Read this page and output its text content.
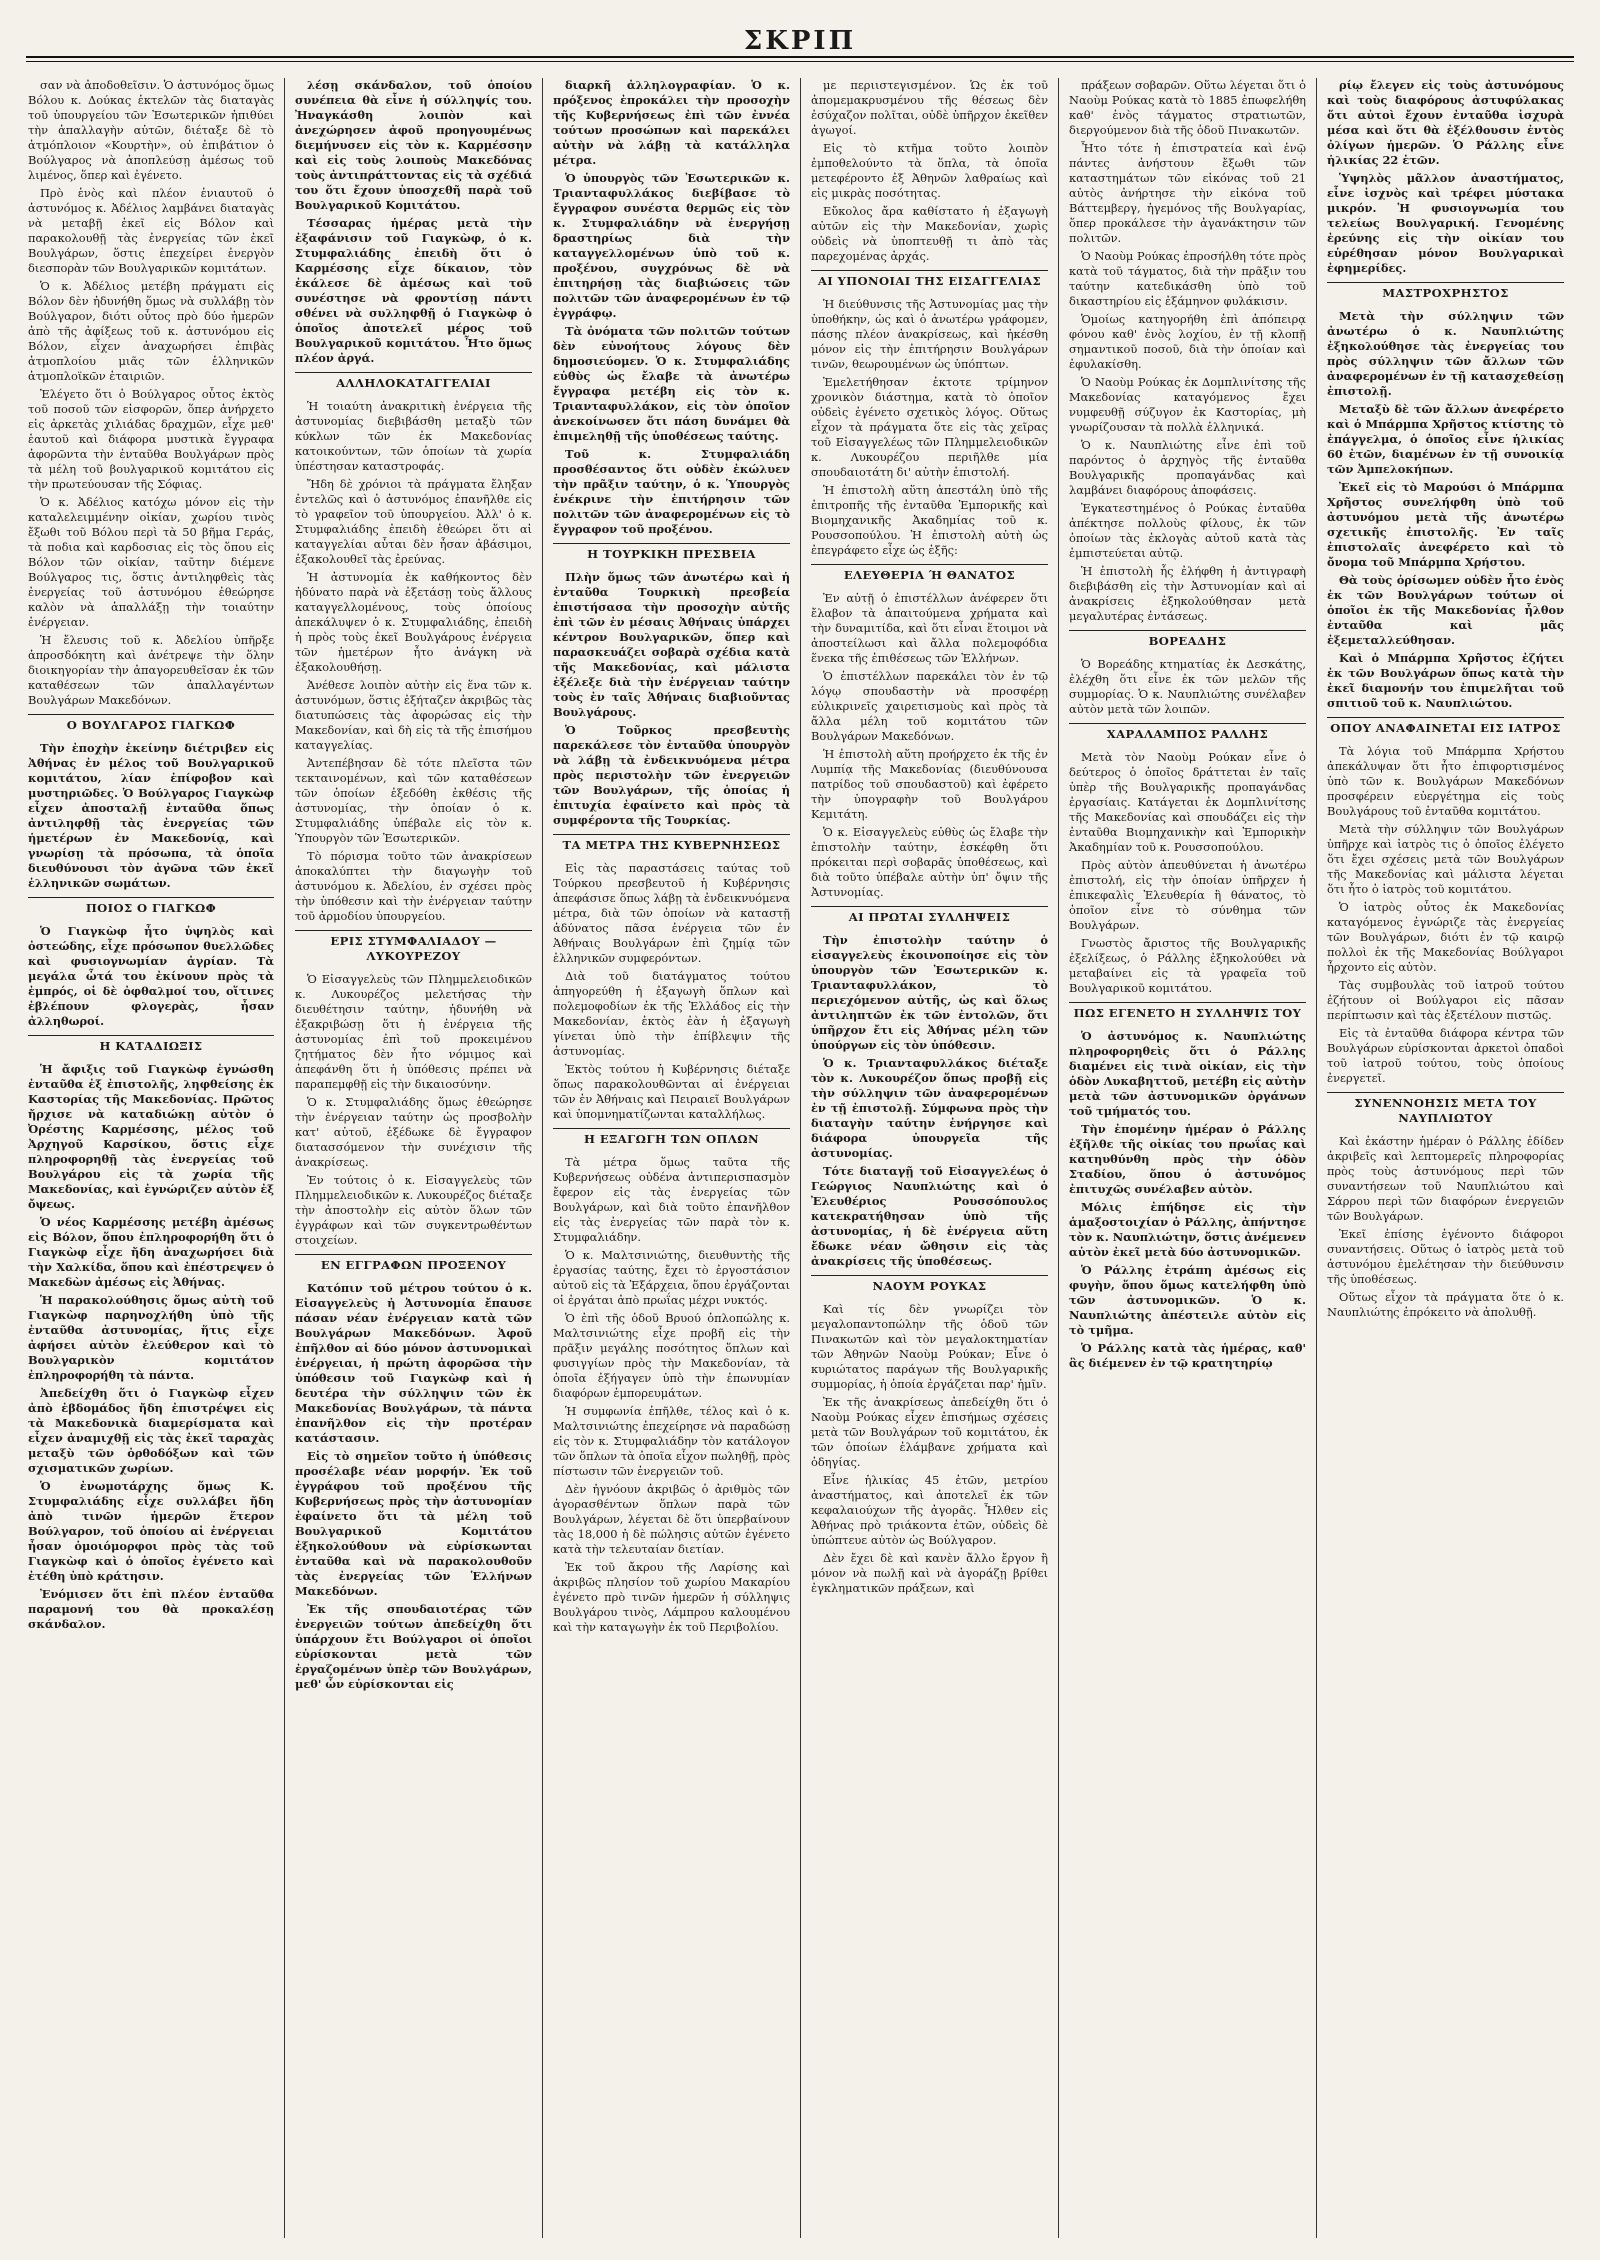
ΣΚΡΙΠ

σαν νὰ ἀποδοθεῖσιν. Ὁ ἀστυνόμος ὅμως Βόλου κ. Δούκας ἐκτελῶν τὰς διαταγὰς τοῦ ὑπουργείου τῶν Ἐσωτερικῶν ἠπιθύει τὴν ἀπαλλαγὴν αὐτῶν, διέταξε δὲ τὸ ἀτμόπλοιον «Κουρτὴν», οὐ ἐπιβάτιον ὁ Βούλγαρος νὰ ἀποπλεύσῃ ἀμέσως τοῦ λιμένος, ὅπερ καὶ ἐγένετο.

Πρὸ ἑνὸς καὶ πλέον ἐνιαυτοῦ ὁ ἀστυνόμος κ. Ἀδέλιος λαμβάνει διαταγὰς νὰ μεταβῇ ἐκεῖ εἰς Βόλον καὶ παρακολουθῇ τὰς ἐνεργείας τῶν ἐκεῖ Βουλγάρων, ὅστις ἐπεχείρει ἐνεργὸν διεσπορὰν τῶν Βουλγαρικῶν κομιτάτων.

Ὁ κ. Ἀδέλιος μετέβη πράγματι εἰς Βόλον δὲν ἠδυνήθη ὅμως νὰ συλλάβῃ τὸν Βούλγαρον, διότι οὗτος πρὸ δύο ἡμερῶν ἀπὸ τῆς ἀφίξεως τοῦ κ. ἀστυνόμου εἰς Βόλον, εἶχεν ἀναχωρήσει ἐπιβὰς ἀτμοπλοίου μιᾶς τῶν ἑλληνικῶν ἀτμοπλοϊκῶν ἑταιριῶν.

Ἐλέγετο ὅτι ὁ Βούλγαρος οὗτος ἐκτὸς τοῦ ποσοῦ τῶν εἰσφορῶν, ὅπερ ἀνήρχετο εἰς ἀρκετὰς χιλιάδας δραχμῶν, εἶχε μεθ' ἑαυτοῦ καὶ διάφορα μυστικὰ ἔγγραφα ἀφορῶντα τὴν ἐνταῦθα Βουλγάρων πρὸς τὰ μέλη τοῦ βουλγαρικοῦ κομιτάτου εἰς τὴν πρωτεύουσαν τῆς Σόφιας.

Ὁ κ. Ἀδέλιος κατόχω μόνον εἰς τὴν καταλελειμμένην οἰκίαν, χωρίου τινὸς ἔξωθι τοῦ Βόλου περὶ τὰ 50 βῆμα Γεράς, τὰ ποδια καὶ καρδοσιας εἰς τὸς ὅπου εἰς Βόλον τῶν οἰκίαν, ταῦτην διέμενε Βούλγαρος τις, ὅστις ἀντιληφθεὶς τὰς ἐνεργείας τοῦ ἀστυνόμου ἐθεώρησε καλὸν νὰ ἀπαλλάξῃ τὴν τοιαύτην ἐνέργειαν.

Ἡ ἔλευσις τοῦ κ. Ἀδελίου ὑπῆρξε ἀπροσδόκητη καὶ ἀνέτρεψε τὴν ὅλην διοικηγορίαν τὴν ἀπαγορευθεῖσαν ἐκ τῶν καταθέσεων τῶν ἀπαλλαγέντων Βουλγάρων Μακεδόνων.

Ο ΒΟΥΛΓΑΡΟΣ ΓΙΑΓΚΩΦ

Τὴν ἐποχὴν ἐκείνην διέτριβεν εἰς Ἀθήνας ἐν μέλος τοῦ Βουλγαρικοῦ κομιτάτου, λίαν ἐπίφοβον καὶ μυστηριῶδες. Ὁ Βούλγαρος Γιαγκὼφ εἶχεν ἀποσταλῇ ἐνταῦθα ὅπως ἀντιληφθῇ τὰς ἐνεργείας τῶν ἡμετέρων ἐν Μακεδονίᾳ, καὶ γνωρίσῃ τὰ πρόσωπα, τὰ ὁποῖα διευθύνουσι τὸν ἀγῶνα τῶν ἐκεῖ ἑλληνικῶν σωμάτων.

ΠΟΙΟΣ Ο ΓΙΑΓΚΩΦ

Ὁ Γιαγκὼφ ἦτο ὑψηλὸς καὶ ὀστεώδης, εἶχε πρόσωπον θυελλῶδες καὶ φυσιογνωμίαν ἀγρίαν. Τὰ μεγάλα ὦτά του ἐκίνουν πρὸς τὰ ἐμπρός, οἱ δὲ ὀφθαλμοί του, οἵτινες ἐβλέπουν φλογερὰς, ἦσαν ἀλληθωροί.

Η ΚΑΤΑΔΙΩΞΙΣ

Ἡ ἄφιξις τοῦ Γιαγκὼφ ἐγνώσθη ἐνταῦθα ἐξ ἐπιστολῆς, ληφθείσης ἐκ Καστορίας τῆς Μακεδονίας. Πρῶτος ἤρχισε νὰ καταδιώκῃ αὐτὸν ὁ Ὀρέστης Καρμέσσης, μέλος τοῦ Ἀρχηγοῦ Καρσίκου, ὅστις εἶχε πληροφορηθῇ τὰς ἐνεργείας τοῦ Βουλγάρου εἰς τὰ χωρία τῆς Μακεδονίας, καὶ ἐγνώριζεν αὐτὸν ἐξ ὄψεως.

Ὁ νέος Καρμέσσης μετέβη ἀμέσως εἰς Βόλον, ὅπου ἐπληροφορήθη ὅτι ὁ Γιαγκὼφ εἶχε ἤδη ἀναχωρήσει διὰ τὴν Χαλκίδα, ὅπου καὶ ἐπέστρεψεν ὁ Μακεδὼν ἀμέσως εἰς Ἀθήνας.

Ἡ παρακολούθησις ὅμως αὐτὴ τοῦ Γιαγκὼφ παρηνοχλήθη ὑπὸ τῆς ἐνταῦθα ἀστυνομίας, ἥτις εἶχε ἀφήσει αὐτὸν ἐλεύθερον καὶ τὸ Βουλγαρικὸν κομιτάτον ἐπληροφορήθη τὰ πάντα.

Ἀπεδείχθη ὅτι ὁ Γιαγκὼφ εἶχεν ἀπὸ ἐβδομάδος ἤδη ἐπιστρέψει εἰς τὰ Μακεδονικὰ διαμερίσματα καὶ εἶχεν ἀναμιχθῇ εἰς τὰς ἐκεῖ ταραχὰς μεταξὺ τῶν ὀρθοδόξων καὶ τῶν σχισματικῶν χωρίων.

Ὁ ἐνωμοτάρχης ὅμως Κ. Στυμφαλιάδης εἶχε συλλάβει ἤδη ἀπὸ τινῶν ἡμερῶν ἕτερον Βούλγαρον, τοῦ ὁποίου αἱ ἐνέργειαι ἦσαν ὁμοιόμορφοι πρὸς τὰς τοῦ Γιαγκὼφ καὶ ὁ ὁποῖος ἐγένετο καὶ ἐτέθη ὑπὸ κράτησιν.

Ἐνόμισεν ὅτι ἐπὶ πλέον ἐνταῦθα παραμονή του θὰ προκαλέσῃ σκάνδαλον.

λέσῃ σκάνδαλον, τοῦ ὁποίου συνέπεια θὰ εἶνε ἡ σύλληψίς του. Ἠναγκάσθη λοιπὸν καὶ ἀνεχώρησεν ἀφοῦ προηγουμένως διεμήνυσεν εἰς τὸν κ. Καρμέσσην καὶ εἰς τοὺς λοιποὺς Μακεδόνας τοὺς ἀντιπράττοντας εἰς τὰ σχέδιά του ὅτι ἔχουν ὑποσχεθῆ παρὰ τοῦ Βουλγαρικοῦ Κομιτάτου.

Τέσσαρας ἡμέρας μετὰ τὴν ἐξαφάνισιν τοῦ Γιαγκὼφ, ὁ κ. Στυμφαλιάδης ἐπειδὴ ὅτι ὁ Καρμέσσης εἶχε δίκαιον, τὸν ἐκάλεσε δὲ ἀμέσως καὶ τοῦ συνέστησε νὰ φροντίσῃ πάντι σθένει νὰ συλληφθῇ ὁ Γιαγκὼφ ὁ ὁποῖος ἀποτελεῖ μέρος τοῦ Βουλγαρικοῦ κομιτάτου. Ἦτο ὅμως πλέον ἀργά.

ΑΛΛΗΛΟΚΑΤΑΓΓΕΛΙΑΙ

Ἡ τοιαύτη ἀνακριτικὴ ἐνέργεια τῆς ἀστυνομίας διεβιβάσθη μεταξὺ τῶν κύκλων τῶν ἐκ Μακεδονίας κατοικούντων, τῶν ὁποίων τὰ χωρία ὑπέστησαν καταστροφάς.

Ἤδη δὲ χρόνιοι τὰ πράγματα ἔληξαν ἐντελῶς καὶ ὁ ἀστυνόμος ἐπανῆλθε εἰς τὸ γραφεῖον τοῦ ὑπουργείου. Ἀλλ' ὁ κ. Στυμφαλιάδης ἐπειδὴ ἐθεώρει ὅτι αἱ καταγγελίαι αὗται δὲν ἦσαν ἀβάσιμοι, ἐξακολουθεῖ τὰς ἐρεύνας.

Ἡ ἀστυνομία ἐκ καθήκοντος δὲν ἠδύνατο παρὰ νὰ ἐξετάσῃ τοὺς ἄλλους καταγγελλομένους, τοὺς ὁποίους ἀπεκάλυψεν ὁ κ. Στυμφαλιάδης, ἐπειδὴ ἡ πρὸς τοὺς ἐκεῖ Βουλγάρους ἐνέργεια τῶν ἡμετέρων ἦτο ἀνάγκη νὰ ἐξακολουθήσῃ.

Ἀνέθεσε λοιπὸν αὐτὴν εἰς ἕνα τῶν κ. ἀστυνόμων, ὅστις ἐξήταζεν ἀκριβῶς τὰς διατυπώσεις τὰς ἀφορώσας εἰς τὴν Μακεδονίαν, καὶ δὴ εἰς τὰ τῆς ἐπισήμου καταγγελίας.

Ἀντεπέβησαν δὲ τότε πλεῖστα τῶν τεκταινομένων, καὶ τῶν καταθέσεων τῶν ὁποίων ἐξεδόθη ἐκθέσις τῆς ἀστυνομίας, τὴν ὁποίαν ὁ κ. Στυμφαλιάδης ὑπέβαλε εἰς τὸν κ. Ὑπουργὸν τῶν Ἐσωτερικῶν.

Τὸ πόρισμα τοῦτο τῶν ἀνακρίσεων ἀποκαλύπτει τὴν διαγωγὴν τοῦ ἀστυνόμου κ. Ἀδελίου, ἐν σχέσει πρὸς τὴν ὑπόθεσιν καὶ τὴν ἐνέργειαν ταύτην τοῦ ἀρμοδίου ὑπουργείου.

ΕΡΙΣ ΣΤΥΜΦΑΛΙΑΔΟΥ — ΛΥΚΟΥΡΕΖΟΥ

Ὁ Εἰσαγγελεὺς τῶν Πλημμελειοδικῶν κ. Λυκουρέζος μελετήσας τὴν διευθέτησιν ταύτην, ἠδυνήθη νὰ ἐξακριβώσῃ ὅτι ἡ ἐνέργεια τῆς ἀστυνομίας ἐπὶ τοῦ προκειμένου ζητήματος δὲν ἦτο νόμιμος καὶ ἀπεφάνθη ὅτι ἡ ὑπόθεσις πρέπει νὰ παραπεμφθῇ εἰς τὴν δικαιοσύνην.

Ὁ κ. Στυμφαλιάδης ὅμως ἐθεώρησε τὴν ἐνέργειαν ταύτην ὡς προσβολὴν κατ' αὐτοῦ, ἐξέδωκε δὲ ἔγγραφον διατασσόμενον τὴν συνέχισιν τῆς ἀνακρίσεως.

Ἐν τούτοις ὁ κ. Εἰσαγγελεὺς τῶν Πλημμελειοδικῶν κ. Λυκουρέζος διέταξε τὴν ἀποστολὴν εἰς αὐτὸν ὅλων τῶν ἐγγράφων καὶ τῶν συγκεντρωθέντων στοιχείων.

ΕΝ ΕΓΓΡΑΦΩΝ ΠΡΟΞΕΝΟΥ

Κατόπιν τοῦ μέτρου τούτου ὁ κ. Εἰσαγγελεὺς ἡ Ἀστυνομία ἔπαυσε πάσαν νέαν ἐνέργειαν κατὰ τῶν Βουλγάρων Μακεδόνων. Ἀφοῦ ἐπῆλθον αἱ δύο μόνον ἀστυνομικαὶ ἐνέργειαι, ἡ πρώτη ἀφορῶσα τὴν ὑπόθεσιν τοῦ Γιαγκὼφ καὶ ἡ δευτέρα τὴν σύλληψιν τῶν ἐκ Μακεδονίας Βουλγάρων, τὰ πάντα ἐπανῆλθον εἰς τὴν προτέραν κατάστασιν.

Εἰς τὸ σημεῖον τοῦτο ἡ ὑπόθεσις προσέλαβε νέαν μορφήν. Ἐκ τοῦ ἐγγράφου τοῦ προξένου τῆς Κυβερνήσεως πρὸς τὴν ἀστυνομίαν ἐφαίνετο ὅτι τὰ μέλη τοῦ Βουλγαρικοῦ Κομιτάτου ἐξηκολούθουν νὰ εὑρίσκωνται ἐνταῦθα καὶ νὰ παρακολουθοῦν τὰς ἐνεργείας τῶν Ἑλλήνων Μακεδόνων.

Ἐκ τῆς σπουδαιοτέρας τῶν ἐνεργειῶν τούτων ἀπεδείχθη ὅτι ὑπάρχουν ἔτι Βούλγαροι οἱ ὁποῖοι εὑρίσκονται μετὰ τῶν ἐργαζομένων ὑπὲρ τῶν Βουλγάρων, μεθ' ὧν εὑρίσκονται εἰς

διαρκῆ ἀλληλογραφίαν. Ὁ κ. πρόξενος ἐπροκάλει τὴν προσοχὴν τῆς Κυβερνήσεως ἐπὶ τῶν ἐννέα τούτων προσώπων καὶ παρεκάλει αὐτὴν νὰ λάβῃ τὰ κατάλληλα μέτρα.

Ὁ ὑπουργὸς τῶν Ἐσωτερικῶν κ. Τριανταφυλλάκος διεβίβασε τὸ ἔγγραφον συνέστα θερμῶς εἰς τὸν κ. Στυμφαλιάδην νὰ ἐνεργήσῃ δραστηρίως διὰ τὴν καταγγελλομένων ὑπὸ τοῦ κ. προξένου, συγχρόνως δὲ νὰ ἐπιτηρήσῃ τὰς διαβιώσεις τῶν πολιτῶν τῶν ἀναφερομένων ἐν τῷ ἐγγράφῳ.

Τὰ ὀνόματα τῶν πολιτῶν τούτων δὲν εὐνοήτους λόγους δὲν δημοσιεύομεν. Ὁ κ. Στυμφαλιάδης εὐθὺς ὡς ἔλαβε τὰ ἀνωτέρω ἔγγραφα μετέβη εἰς τὸν κ. Τριανταφυλλάκον, εἰς τὸν ὁποῖον ἀνεκοίνωσεν ὅτι πάση δυνάμει θὰ ἐπιμεληθῇ τῆς ὑποθέσεως ταύτης.

Τοῦ κ. Στυμφαλιάδη προσθέσαντος ὅτι οὐδὲν ἐκώλυεν τὴν πρᾶξιν ταύτην, ὁ κ. Ὑπουργὸς ἐνέκρινε τὴν ἐπιτήρησιν τῶν πολιτῶν τῶν ἀναφερομένων εἰς τὸ ἔγγραφον τοῦ προξένου.

Η ΤΟΥΡΚΙΚΗ ΠΡΕΣΒΕΙΑ

Πλὴν ὅμως τῶν ἀνωτέρω καὶ ἡ ἐνταῦθα Τουρκικὴ πρεσβεία ἐπιστήσασα τὴν προσοχὴν αὐτῆς ἐπὶ τῶν ἐν μέσαις Ἀθήναις ὑπάρχει κέντρον Βουλγαρικῶν, ὅπερ καὶ παρασκευάζει σοβαρὰ σχέδια κατὰ τῆς Μακεδονίας, καὶ μάλιστα ἐξέλεξε διὰ τὴν ἐνέργειαν ταύτην τοὺς ἐν ταῖς Ἀθήναις διαβιοῦντας Βουλγάρους.

Ὁ Τοῦρκος πρεσβευτὴς παρεκάλεσε τὸν ἐνταῦθα ὑπουργὸν νὰ λάβῃ τὰ ἐνδεικνυόμενα μέτρα πρὸς περιστολὴν τῶν ἐνεργειῶν τῶν Βουλγάρων, τῆς ὁποίας ἡ ἐπιτυχία ἐφαίνετο καὶ πρὸς τὰ συμφέροντα τῆς Τουρκίας.

ΤΑ ΜΕΤΡΑ ΤΗΣ ΚΥΒΕΡΝΗΣΕΩΣ

Εἰς τὰς παραστάσεις ταύτας τοῦ Τούρκου πρεσβευτοῦ ἡ Κυβέρνησις ἀπεφάσισε ὅπως λάβῃ τὰ ἐνδεικνυόμενα μέτρα, διὰ τῶν ὁποίων νὰ καταστῇ ἀδύνατος πᾶσα ἐνέργεια τῶν ἐν Ἀθήναις Βουλγάρων ἐπὶ ζημίᾳ τῶν ἑλληνικῶν συμφερόντων.

Διὰ τοῦ διατάγματος τούτου ἀπηγορεύθη ἡ ἐξαγωγὴ ὅπλων καὶ πολεμοφοδίων ἐκ τῆς Ἑλλάδος εἰς τὴν Μακεδονίαν, ἐκτὸς ἐὰν ἡ ἐξαγωγὴ γίνεται ὑπὸ τὴν ἐπίβλεψιν τῆς ἀστυνομίας.

Ἐκτὸς τούτου ἡ Κυβέρνησις διέταξε ὅπως παρακολουθῶνται αἱ ἐνέργειαι τῶν ἐν Ἀθήναις καὶ Πειραιεῖ Βουλγάρων καὶ ὑπομνηματίζωνται καταλλήλως.

Η ΕΞΑΓΩΓΗ ΤΩΝ ΟΠΛΩΝ

Τὰ μέτρα ὅμως ταῦτα τῆς Κυβερνήσεως οὐδένα ἀντιπερισπασμὸν ἔφερον εἰς τὰς ἐνεργείας τῶν Βουλγάρων, καὶ διὰ τοῦτο ἐπανῆλθον εἰς τὰς ἐνεργείας τῶν παρὰ τὸν κ. Στυμφαλιάδην.

Ὁ κ. Μαλτσινιώτης, διευθυντὴς τῆς ἐργασίας ταύτης, ἔχει τὸ ἐργοστάσιον αὐτοῦ εἰς τὰ Ἐξάρχεια, ὅπου ἐργάζονται οἱ ἐργάται ἀπὸ πρωΐας μέχρι νυκτός.

Ὁ ἐπὶ τῆς ὁδοῦ Βρυού ὁπλοπώλης κ. Μαλτσινιώτης εἶχε προβῆ εἰς τὴν πρᾶξιν μεγάλης ποσότητος ὅπλων καὶ φυσιγγίων πρὸς τὴν Μακεδονίαν, τὰ ὁποῖα ἐξήγαγεν ὑπὸ τὴν ἐπωνυμίαν διαφόρων ἐμπορευμάτων.

Ἡ συμφωνία ἐπῆλθε, τέλος καὶ ὁ κ. Μαλτσινιώτης ἐπεχείρησε νὰ παραδώσῃ εἰς τὸν κ. Στυμφαλιάδην τὸν κατάλογον τῶν ὅπλων τὰ ὁποῖα εἶχον πωληθῇ, πρὸς πίστωσιν τῶν ἐνεργειῶν τοῦ.

Δὲν ἠγνόουν ἀκριβῶς ὁ ἀριθμὸς τῶν ἀγορασθέντων ὅπλων παρὰ τῶν Βουλγάρων, λέγεται δὲ ὅτι ὑπερβαίνουν τὰς 18,000 ἡ δὲ πώλησις αὐτῶν ἐγένετο κατὰ τὴν τελευταίαν διετίαν.

Ἐκ τοῦ ἄκρου τῆς Λαρίσης καὶ ἀκριβῶς πλησίον τοῦ χωρίου Μακαρίου ἐγένετο πρὸ τινῶν ἡμερῶν ἡ σύλληψις Βουλγάρου τινὸς, Λάμπρου καλουμένου καὶ τὴν καταγωγὴν ἐκ τοῦ Περιβολίου.

με περιιστεγισμένον. Ὡς ἐκ τοῦ ἀπομεμακρυσμένου τῆς θέσεως δὲν ἐσύχαζον πολῖται, οὐδὲ ὑπῆρχον ἐκεῖθεν ἀγωγοί.

Εἰς τὸ κτῆμα τοῦτο λοιπὸν ἐμποθελούντο τὰ ὅπλα, τὰ ὁποῖα μετεφέροντο ἐξ Ἀθηνῶν λαθραίως καὶ εἰς μικρὰς ποσότητας.

Εὔκολος ἄρα καθίστατο ἡ ἐξαγωγὴ αὐτῶν εἰς τὴν Μακεδονίαν, χωρὶς οὐδεὶς νὰ ὑποπτευθῇ τι ἀπὸ τὰς παρεχομένας ἀρχάς.

ΑΙ ΥΠΟΝΟΙΑΙ ΤΗΣ ΕΙΣΑΓΓΕΛΙΑΣ

Ἡ διεύθυνσις τῆς Ἀστυνομίας μας τὴν ὑποθήκην, ὡς καὶ ὁ ἀνωτέρω γράφομεν, πάσης πλέον ἀνακρίσεως, καὶ ἠκέσθη μόνον εἰς τὴν ἐπιτήρησιν Βουλγάρων τινῶν, θεωρουμένων ὡς ὑπόπτων.

Ἐμελετήθησαν ἐκτοτε τρίμηνον χρονικὸν διάστημα, κατὰ τὸ ὁποῖον οὐδεὶς ἐγένετο σχετικὸς λόγος. Οὕτως εἶχον τὰ πράγματα ὅτε εἰς τὰς χεῖρας τοῦ Εἰσαγγελέως τῶν Πλημμελειοδικῶν κ. Λυκουρέζου περιῆλθε μία σπουδαιοτάτη δι' αὐτὴν ἐπιστολή.

Ἡ ἐπιστολὴ αὕτη ἀπεστάλη ὑπὸ τῆς ἐπιτροπῆς τῆς ἐνταῦθα Ἐμπορικῆς καὶ Βιομηχανικῆς Ἀκαδημίας τοῦ κ. Ρουσσοπούλου. Ἡ ἐπιστολὴ αὐτὴ ὡς ἐπεγράφετο εἶχε ὡς ἑξῆς:

ΕΛΕΥΘΕΡΙΑ Ή ΘΑΝΑΤΟΣ

Ἐν αὐτῇ ὁ ἐπιστέλλων ἀνέφερεν ὅτι ἔλαβον τὰ ἀπαιτούμενα χρήματα καὶ τὴν δυναμιτίδα, καὶ ὅτι εἶναι ἕτοιμοι νὰ ἀποστείλωσι καὶ ἄλλα πολεμοφόδια ἕνεκα τῆς ἐπιθέσεως τῶν Ἑλλήνων.

Ὁ ἐπιστέλλων παρεκάλει τὸν ἐν τῷ λόγῳ σπουδαστὴν νὰ προσφέρῃ εὐλικρινεῖς χαιρετισμοὺς καὶ πρὸς τὰ ἄλλα μέλη τοῦ κομιτάτου τῶν Βουλγάρων Μακεδόνων.

Ἡ ἐπιστολὴ αὕτη προήρχετο ἐκ τῆς ἐν Λυμπίᾳ τῆς Μακεδονίας (διευθύνουσα πατρίδος τοῦ σπουδαστοῦ) καὶ ἐφέρετο τὴν ὑπογραφὴν τοῦ Βουλγάρου Κεμιτάτη.

Ὁ κ. Εἰσαγγελεὺς εὐθὺς ὡς ἔλαβε τὴν ἐπιστολὴν ταύτην, ἐσκέφθη ὅτι πρόκειται περὶ σοβαρᾶς ὑποθέσεως, καὶ διὰ τοῦτο ὑπέβαλε αὐτὴν ὑπ' ὄψιν τῆς Ἀστυνομίας.

ΑΙ ΠΡΩΤΑΙ ΣΥΛΛΗΨΕΙΣ

Τὴν ἐπιστολὴν ταύτην ὁ εἰσαγγελεὺς ἐκοινοποίησε εἰς τὸν ὑπουργὸν τῶν Ἐσωτερικῶν κ. Τριανταφυλλάκον, τὸ περιεχόμενον αὐτῆς, ὡς καὶ ὅλως ἀντιληπτῶν ἐκ τῶν ἐντολῶν, ὅτι ὑπῆρχον ἔτι εἰς Ἀθήνας μέλη τῶν ὑπούργων εἰς τὸν ὑπόθεσιν.

Ὁ κ. Τριανταφυλλάκος διέταξε τὸν κ. Λυκουρέζον ὅπως προβῇ εἰς τὴν σύλληψιν τῶν ἀναφερομένων ἐν τῇ ἐπιστολῇ. Σύμφωνα πρὸς τὴν διαταγὴν ταύτην ἐνήργησε καὶ διάφορα ὑπουργεῖα τῆς ἀστυνομίας.

Τότε διαταγῇ τοῦ Εἰσαγγελέως ὁ Γεώργιος Ναυπλιώτης καὶ ὁ Ἐλευθέριος Ρουσσόπουλος κατεκρατήθησαν ὑπὸ τῆς ἀστυνομίας, ἡ δὲ ἐνέργεια αὕτη ἔδωκε νέαν ὤθησιν εἰς τὰς ἀνακρίσεις τῆς ὑποθέσεως.

ΝΑΟΥΜ ΡΟΥΚΑΣ

Καὶ τίς δὲν γνωρίζει τὸν μεγαλοπαντοπώλην τῆς ὁδοῦ τῶν Πινακωτῶν καὶ τὸν μεγαλοκτηματίαν τῶν Ἀθηνῶν Ναοὺμ Ρούκαν; Εἶνε ὁ κυριώτατος παράγων τῆς Βουλγαρικῆς συμμορίας, ἡ ὁποία ἐργάζεται παρ' ἡμῖν.

Ἐκ τῆς ἀνακρίσεως ἀπεδείχθη ὅτι ὁ Ναοὺμ Ρούκας εἶχεν ἐπισήμως σχέσεις μετὰ τῶν Βουλγάρων τοῦ κομιτάτου, ἐκ τῶν ὁποίων ἐλάμβανε χρήματα καὶ ὁδηγίας.

Εἶνε ἡλικίας 45 ἐτῶν, μετρίου ἀναστήματος, καὶ ἀποτελεῖ ἐκ τῶν κεφαλαιούχων τῆς ἀγορᾶς. Ἦλθεν εἰς Ἀθήνας πρὸ τριάκοντα ἐτῶν, οὐδεὶς δὲ ὑπώπτευε αὐτὸν ὡς Βούλγαρον.

Δὲν ἔχει δὲ καὶ κανὲν ἄλλο ἔργον ἢ μόνον νὰ πωλῇ καὶ νὰ ἀγοράζῃ βρίθει ἐγκληματικῶν πράξεων, καὶ

πράξεων σοβαρῶν. Οὕτω λέγεται ὅτι ὁ Ναοὺμ Ρούκας κατὰ τὸ 1885 ἐπωφελήθη καθ' ἑνὸς τάγματος στρατιωτῶν, διεργούμενον διὰ τῆς ὁδοῦ Πινακωτῶν.

Ἦτο τότε ἡ ἐπιστρατεία καὶ ἐνῷ πάντες ἀνήστουν ἔξωθι τῶν καταστημάτων τῶν εἰκόνας τοῦ 21 αὐτὸς ἀνήρτησε τὴν εἰκόνα τοῦ Βάττεμβεργ, ἡγεμόνος τῆς Βουλγαρίας, ὅπερ προκάλεσε τὴν ἀγανάκτησιν τῶν πολιτῶν.

Ὁ Ναοὺμ Ρούκας ἐπροσήλθη τότε πρὸς κατὰ τοῦ τάγματος, διὰ τὴν πρᾶξιν του ταύτην κατεδικάσθη ὑπὸ τοῦ δικαστηρίου εἰς ἐξάμηνον φυλάκισιν.

Ὁμοίως κατηγορήθη ἐπὶ ἀπόπειρᾳ φόνου καθ' ἑνὸς λοχίου, ἐν τῇ κλοπῇ σημαντικοῦ ποσοῦ, διὰ τὴν ὁποίαν καὶ ἐφυλακίσθη.

Ὁ Ναοὺμ Ρούκας ἐκ Δομπλινίτσης τῆς Μακεδονίας καταγόμενος ἔχει νυμφευθῇ σύζυγον ἐκ Καστορίας, μὴ γνωρίζουσαν τὰ πολλὰ ἑλληνικά.

Ὁ κ. Ναυπλιώτης εἶνε ἐπὶ τοῦ παρόντος ὁ ἀρχηγὸς τῆς ἐνταῦθα Βουλγαρικῆς προπαγάνδας καὶ λαμβάνει διαφόρους ἀποφάσεις.

Ἐγκατεστημένος ὁ Ρούκας ἐνταῦθα ἀπέκτησε πολλοὺς φίλους, ἐκ τῶν ὁποίων τὰς ἐκλογὰς αὐτοῦ κατὰ τὰς ἐμπιστεύεται αὐτῷ.

Ἡ ἐπιστολὴ ἧς ἐλήφθη ἡ ἀντιγραφὴ διεβιβάσθη εἰς τὴν Ἀστυνομίαν καὶ αἱ ἀνακρίσεις ἐξηκολούθησαν μετὰ μεγαλυτέρας ἐντάσεως.

ΒΟΡΕΑΔΗΣ

Ὁ Βορεάδης κτηματίας ἐκ Δεσκάτης, ἐλέχθη ὅτι εἶνε ἐκ τῶν μελῶν τῆς συμμορίας. Ὁ κ. Ναυπλιώτης συνέλαβεν αὐτὸν μετὰ τῶν λοιπῶν.

ΧΑΡΑΛΑΜΠΟΣ ΡΑΛΛΗΣ

Μετὰ τὸν Ναοὺμ Ρούκαν εἶνε ὁ δεύτερος ὁ ὁποῖος δράττεται ἐν ταῖς ὑπὲρ τῆς Βουλγαρικῆς προπαγάνδας ἐργασίαις. Κατάγεται ἐκ Δομπλινίτσης τῆς Μακεδονίας καὶ σπουδάζει εἰς τὴν ἐνταῦθα Βιομηχανικὴν καὶ Ἐμπορικὴν Ἀκαδημίαν τοῦ κ. Ρουσσοπούλου.

Πρὸς αὐτὸν ἀπευθύνεται ἡ ἀνωτέρω ἐπιστολή, εἰς τὴν ὁποίαν ὑπῆρχεν ἡ ἐπικεφαλὶς Ἐλευθερία ἢ θάνατος, τὸ ὁποῖον εἶνε τὸ σύνθημα τῶν Βουλγάρων.

Γνωστὸς ἄριστος τῆς Βουλγαρικῆς ἐξελίξεως, ὁ Ράλλης ἐξηκολούθει νὰ μεταβαίνει εἰς τὰ γραφεῖα τοῦ Βουλγαρικοῦ κομιτάτου.

ΠΩΣ ΕΓΕΝΕΤΟ Η ΣΥΛΛΗΨΙΣ ΤΟΥ

Ὁ ἀστυνόμος κ. Ναυπλιώτης πληροφορηθεὶς ὅτι ὁ Ράλλης διαμένει εἰς τινὰ οἰκίαν, εἰς τὴν ὁδὸν Λυκαβηττοῦ, μετέβη εἰς αὐτὴν μετὰ τῶν ἀστυνομικῶν ὀργάνων τοῦ τμήματός του.

Τὴν ἐπομένην ἡμέραν ὁ Ράλλης ἐξῆλθε τῆς οἰκίας του πρωΐας καὶ κατηυθύνθη πρὸς τὴν ὁδὸν Σταδίου, ὅπου ὁ ἀστυνόμος ἐπιτυχῶς συνέλαβεν αὐτὸν.

Μόλις ἐπήδησε εἰς τὴν ἁμαξοστοιχίαν ὁ Ράλλης, ἀπήντησε τὸν κ. Ναυπλιώτην, ὅστις ἀνέμενεν αὐτὸν ἐκεῖ μετὰ δύο ἀστυνομικῶν.

Ὁ Ράλλης ἐτράπη ἀμέσως εἰς φυγὴν, ὅπου ὅμως κατελήφθη ὑπὸ τῶν ἀστυνομικῶν. Ὁ κ. Ναυπλιώτης ἀπέστειλε αὐτὸν εἰς τὸ τμῆμα.

Ὁ Ράλλης κατὰ τὰς ἡμέρας, καθ' ἃς διέμενεν ἐν τῷ κρατητηρίῳ

ρίῳ ἔλεγεν εἰς τοὺς ἀστυνόμους καὶ τοὺς διαφόρους ἀστυφύλακας ὅτι αὐτοὶ ἔχουν ἐνταῦθα ἰσχυρὰ μέσα καὶ ὅτι θὰ ἐξέλθουσιν ἐντὸς ὀλίγων ἡμερῶν. Ὁ Ράλλης εἶνε ἡλικίας 22 ἐτῶν.

Ὑψηλὸς μᾶλλον ἀναστήματος, εἶνε ἰσχνὸς καὶ τρέφει μύστακα μικρόν. Ἡ φυσιογνωμία του τελείως Βουλγαρική. Γενομένης ἐρεύνης εἰς τὴν οἰκίαν του εὑρέθησαν μόνον Βουλγαρικαὶ ἐφημερίδες.

ΜΑΣΤΡΟΧΡΗΣΤΟΣ

Μετὰ τὴν σύλληψιν τῶν ἀνωτέρω ὁ κ. Ναυπλιώτης ἐξηκολούθησε τὰς ἐνεργείας του πρὸς σύλληψιν τῶν ἄλλων τῶν ἀναφερομένων ἐν τῇ κατασχεθείσῃ ἐπιστολῇ.

Μεταξὺ δὲ τῶν ἄλλων ἀνεφέρετο καὶ ὁ Μπάρμπα Χρῆστος κτίστης τὸ ἐπάγγελμα, ὁ ὁποῖος εἶνε ἡλικίας 60 ἐτῶν, διαμένων ἐν τῇ συνοικίᾳ τῶν Ἀμπελοκήπων.

Ἐκεῖ εἰς τὸ Μαρούσι ὁ Μπάρμπα Χρῆστος συνελήφθη ὑπὸ τοῦ ἀστυνόμου μετὰ τῆς ἀνωτέρω σχετικῆς ἐπιστολῆς. Ἐν ταῖς ἐπιστολαῖς ἀνεφέρετο καὶ τὸ ὄνομα τοῦ Μπάρμπα Χρήστου.

Θὰ τοὺς ὁρίσωμεν οὐδὲν ἦτο ἑνὸς ἐκ τῶν Βουλγάρων τούτων οἱ ὁποῖοι ἐκ τῆς Μακεδονίας ἦλθον ἐνταῦθα καὶ μᾶς ἐξεμεταλλεύθησαν.

Καὶ ὁ Μπάρμπα Χρῆστος ἐζήτει ἐκ τῶν Βουλγάρων ὅπως κατὰ τὴν ἐκεῖ διαμονήν του ἐπιμελῆται τοῦ σπιτιοῦ τοῦ κ. Ναυπλιώτου.

ΟΠΟΥ ΑΝΑΦΑΙΝΕΤΑΙ ΕΙΣ ΙΑΤΡΟΣ

Τὰ λόγια τοῦ Μπάρμπα Χρήστου ἀπεκάλυψαν ὅτι ἦτο ἐπιφορτισμένος ὑπὸ τῶν κ. Βουλγάρων Μακεδόνων προσφέρειν εὐεργέτημα εἰς τοὺς Βουλγάρους τοῦ ἐνταῦθα κομιτάτου.

Μετὰ τὴν σύλληψιν τῶν Βουλγάρων ὑπῆρχε καὶ ἰατρὸς τις ὁ ὁποῖος ἐλέγετο ὅτι ἔχει σχέσεις μετὰ τῶν Βουλγάρων τῆς Μακεδονίας καὶ μάλιστα λέγεται ὅτι ἦτο ὁ ἰατρὸς τοῦ κομιτάτου.

Ὁ ἰατρὸς οὗτος ἐκ Μακεδονίας καταγόμενος ἐγνώριζε τὰς ἐνεργείας τῶν Βουλγάρων, διότι ἐν τῷ καιρῷ πολλοὶ ἐκ τῆς Μακεδονίας Βούλγαροι ἦρχοντο εἰς αὐτὸν.

Τὰς συμβουλὰς τοῦ ἰατροῦ τούτου ἐζήτουν οἱ Βούλγαροι εἰς πᾶσαν περίπτωσιν καὶ τὰς ἐξετέλουν πιστῶς.

Εἰς τὰ ἐνταῦθα διάφορα κέντρα τῶν Βουλγάρων εὑρίσκονται ἀρκετοὶ ὀπαδοὶ τοῦ ἰατροῦ τούτου, τοὺς ὁποίους ἐνεργετεῖ.

ΣΥΝΕΝΝΟΗΣΙΣ ΜΕΤΑ ΤΟΥ ΝΑΥΠΛΙΩΤΟΥ

Καὶ ἐκάστην ἡμέραν ὁ Ράλλης ἐδίδεν ἀκριβεῖς καὶ λεπτομερεῖς πληροφορίας πρὸς τοὺς ἀστυνόμους περὶ τῶν συναντήσεων τοῦ Ναυπλιώτου καὶ Σάρρου περὶ τῶν διαφόρων ἐνεργειῶν τῶν Βουλγάρων.

Ἐκεῖ ἐπίσης ἐγένοντο διάφοροι συναντήσεις. Οὕτως ὁ ἰατρὸς μετὰ τοῦ ἀστυνόμου ἐμελέτησαν τὴν διεύθυνσιν τῆς ὑποθέσεως.

Οὕτως εἶχον τὰ πράγματα ὅτε ὁ κ. Ναυπλιώτης ἐπρόκειτο νὰ ἀπολυθῇ.
